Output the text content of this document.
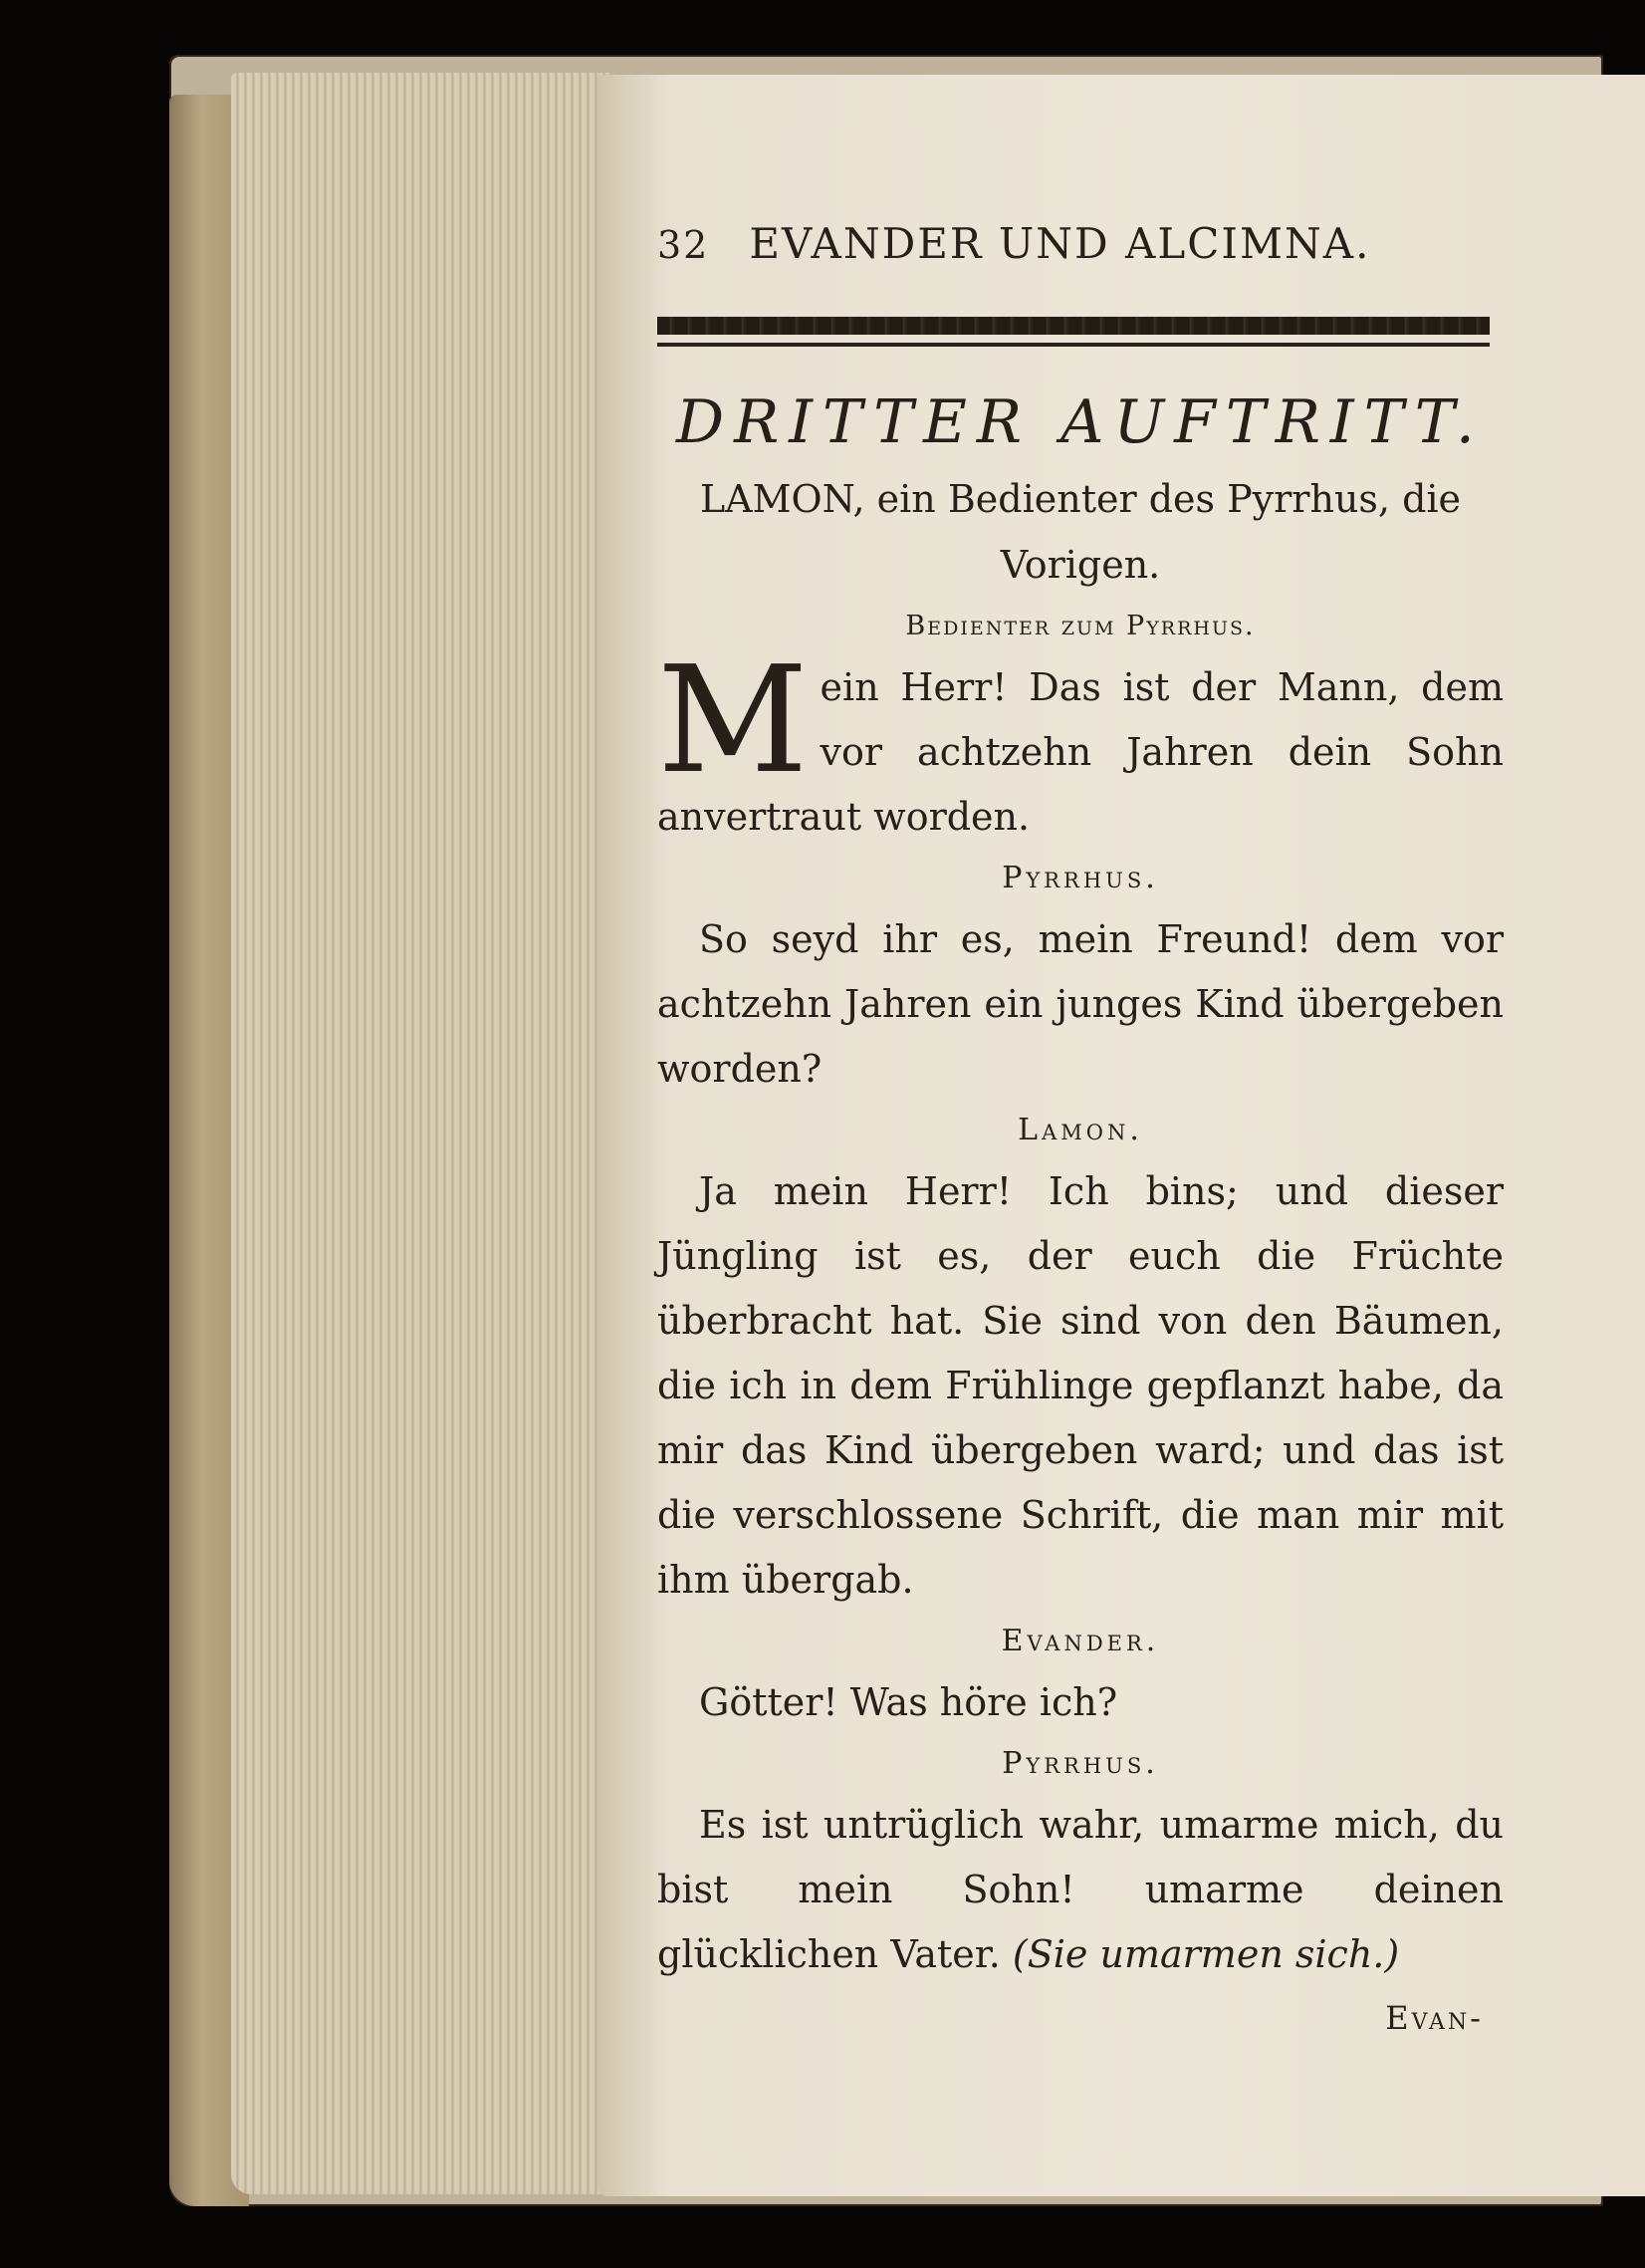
32 EVANDER UND ALCIMNA.
DRITTER AUFTRITT.
LAMON, ein Bedienter des Pyrrhus, die Vorigen.
Bedienter zum Pyrrhus.

Mein Herr! Das ist der Mann, dem vor achtzehn Jahren dein Sohn anvertraut worden.

Pyrrhus.

So seyd ihr es, mein Freund! dem vor achtzehn Jahren ein junges Kind übergeben worden?

Lamon.

Ja mein Herr! Ich bins; und dieser Jüngling ist es, der euch die Früchte überbracht hat. Sie sind von den Bäumen, die ich in dem Frühlinge gepflanzt habe, da mir das Kind übergeben ward; und das ist die verschlossene Schrift, die man mir mit ihm übergab.

Evander.

Götter! Was höre ich?

Pyrrhus.

Es ist untrüglich wahr, umarme mich, du bist mein Sohn! umarme deinen glücklichen Vater. (Sie umarmen sich.)

Evan-
